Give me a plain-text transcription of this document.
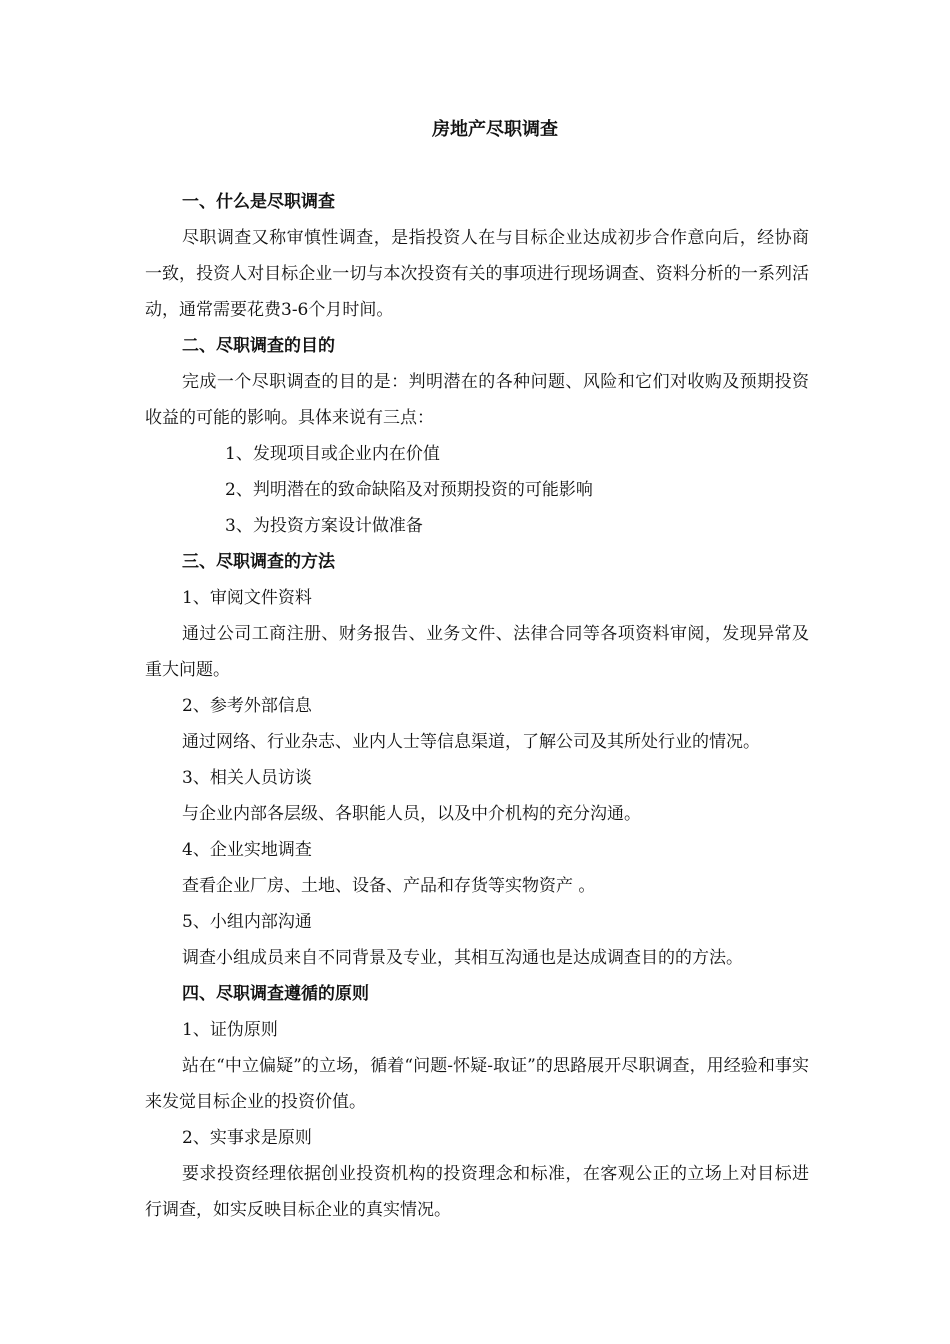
房地产尽职调查

一、什么是尽职调查

尽职调查又称审慎性调查，是指投资人在与目标企业达成初步合作意向后，经协商一致，投资人对目标企业一切与本次投资有关的事项进行现场调查、资料分析的一系列活动，通常需要花费3-6个月时间。

二、尽职调查的目的

完成一个尽职调查的目的是：判明潜在的各种问题、风险和它们对收购及预期投资收益的可能的影响。具体来说有三点：

1、发现项目或企业内在价值

2、判明潜在的致命缺陷及对预期投资的可能影响

3、为投资方案设计做准备

三、尽职调查的方法

1、审阅文件资料

通过公司工商注册、财务报告、业务文件、法律合同等各项资料审阅，发现异常及重大问题。

2、参考外部信息

通过网络、行业杂志、业内人士等信息渠道，了解公司及其所处行业的情况。

3、相关人员访谈

与企业内部各层级、各职能人员，以及中介机构的充分沟通。

4、企业实地调查

查看企业厂房、土地、设备、产品和存货等实物资产 。

5、小组内部沟通

调查小组成员来自不同背景及专业，其相互沟通也是达成调查目的的方法。

四、尽职调查遵循的原则

1、证伪原则

站在“中立偏疑”的立场，循着“问题-怀疑-取证”的思路展开尽职调查，用经验和事实来发觉目标企业的投资价值。

2、实事求是原则

要求投资经理依据创业投资机构的投资理念和标准，在客观公正的立场上对目标进行调查，如实反映目标企业的真实情况。
